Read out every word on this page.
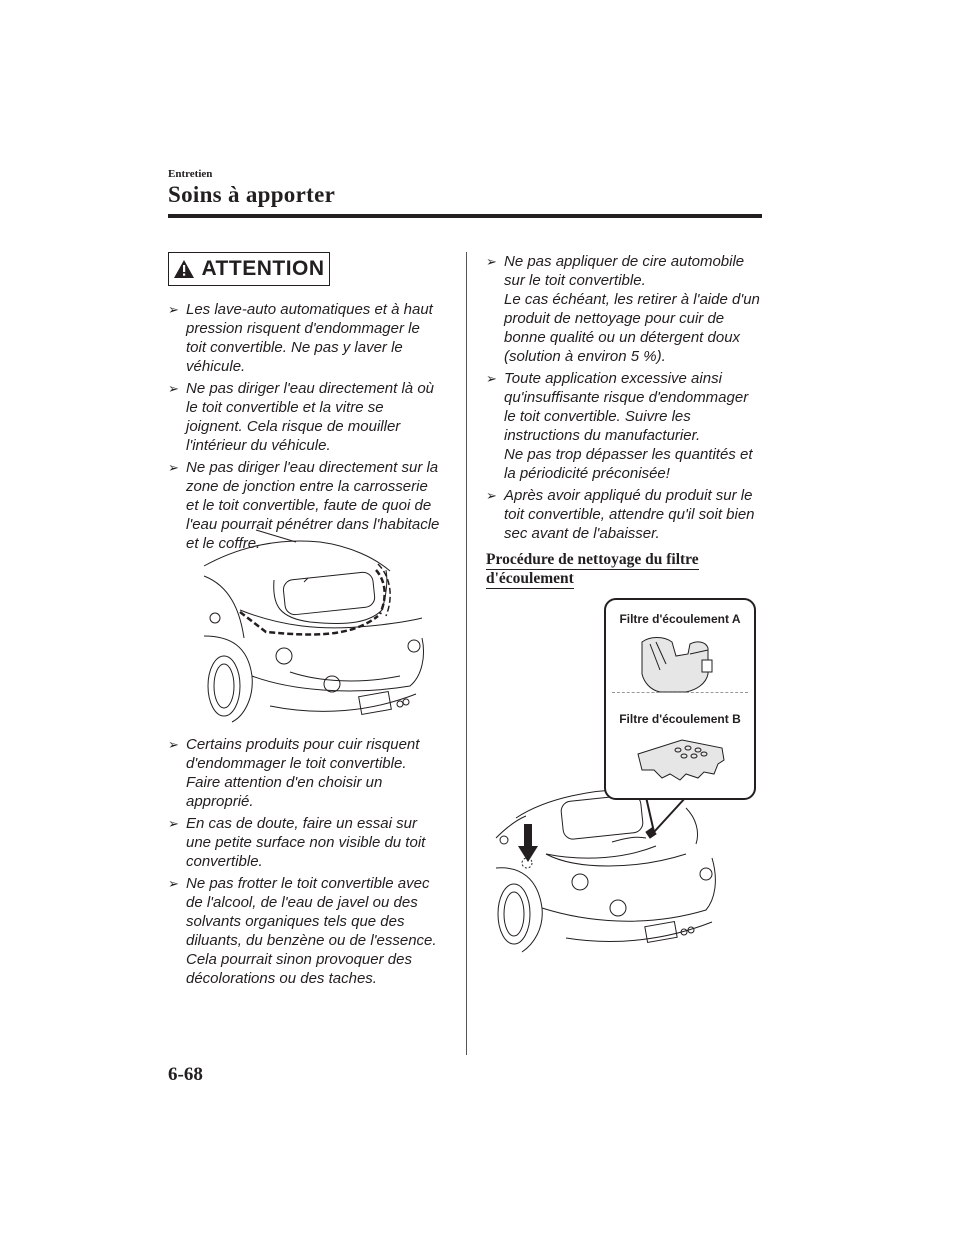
Entretien
Soins à apporter
ATTENTION
➢ Les lave-auto automatiques et à haut pression risquent d'endommager le toit convertible. Ne pas y laver le véhicule.
➢ Ne pas diriger l'eau directement là où le toit convertible et la vitre se joignent. Cela risque de mouiller l'intérieur du véhicule.
➢ Ne pas diriger l'eau directement sur la zone de jonction entre la carrosserie et le toit convertible, faute de quoi de l'eau pourrait pénétrer dans l'habitacle et le coffre.
➢ Certains produits pour cuir risquent d'endommager le toit convertible. Faire attention d'en choisir un approprié.
➢ En cas de doute, faire un essai sur une petite surface non visible du toit convertible.
➢ Ne pas frotter le toit convertible avec de l'alcool, de l'eau de javel ou des solvants organiques tels que des diluants, du benzène ou de l'essence. Cela pourrait sinon provoquer des décolorations ou des taches.
➢ Ne pas appliquer de cire automobile sur le toit convertible.
Le cas échéant, les retirer à l'aide d'un produit de nettoyage pour cuir de bonne qualité ou un détergent doux (solution à environ 5 %).
➢ Toute application excessive ainsi qu'insuffisante risque d'endommager le toit convertible. Suivre les instructions du manufacturier.
Ne pas trop dépasser les quantités et la périodicité préconisée!
➢ Après avoir appliqué du produit sur le toit convertible, attendre qu'il soit bien sec avant de l'abaisser.
Procédure de nettoyage du filtre
d'écoulement
Filtre d'écoulement A
Filtre d'écoulement B
6-68
